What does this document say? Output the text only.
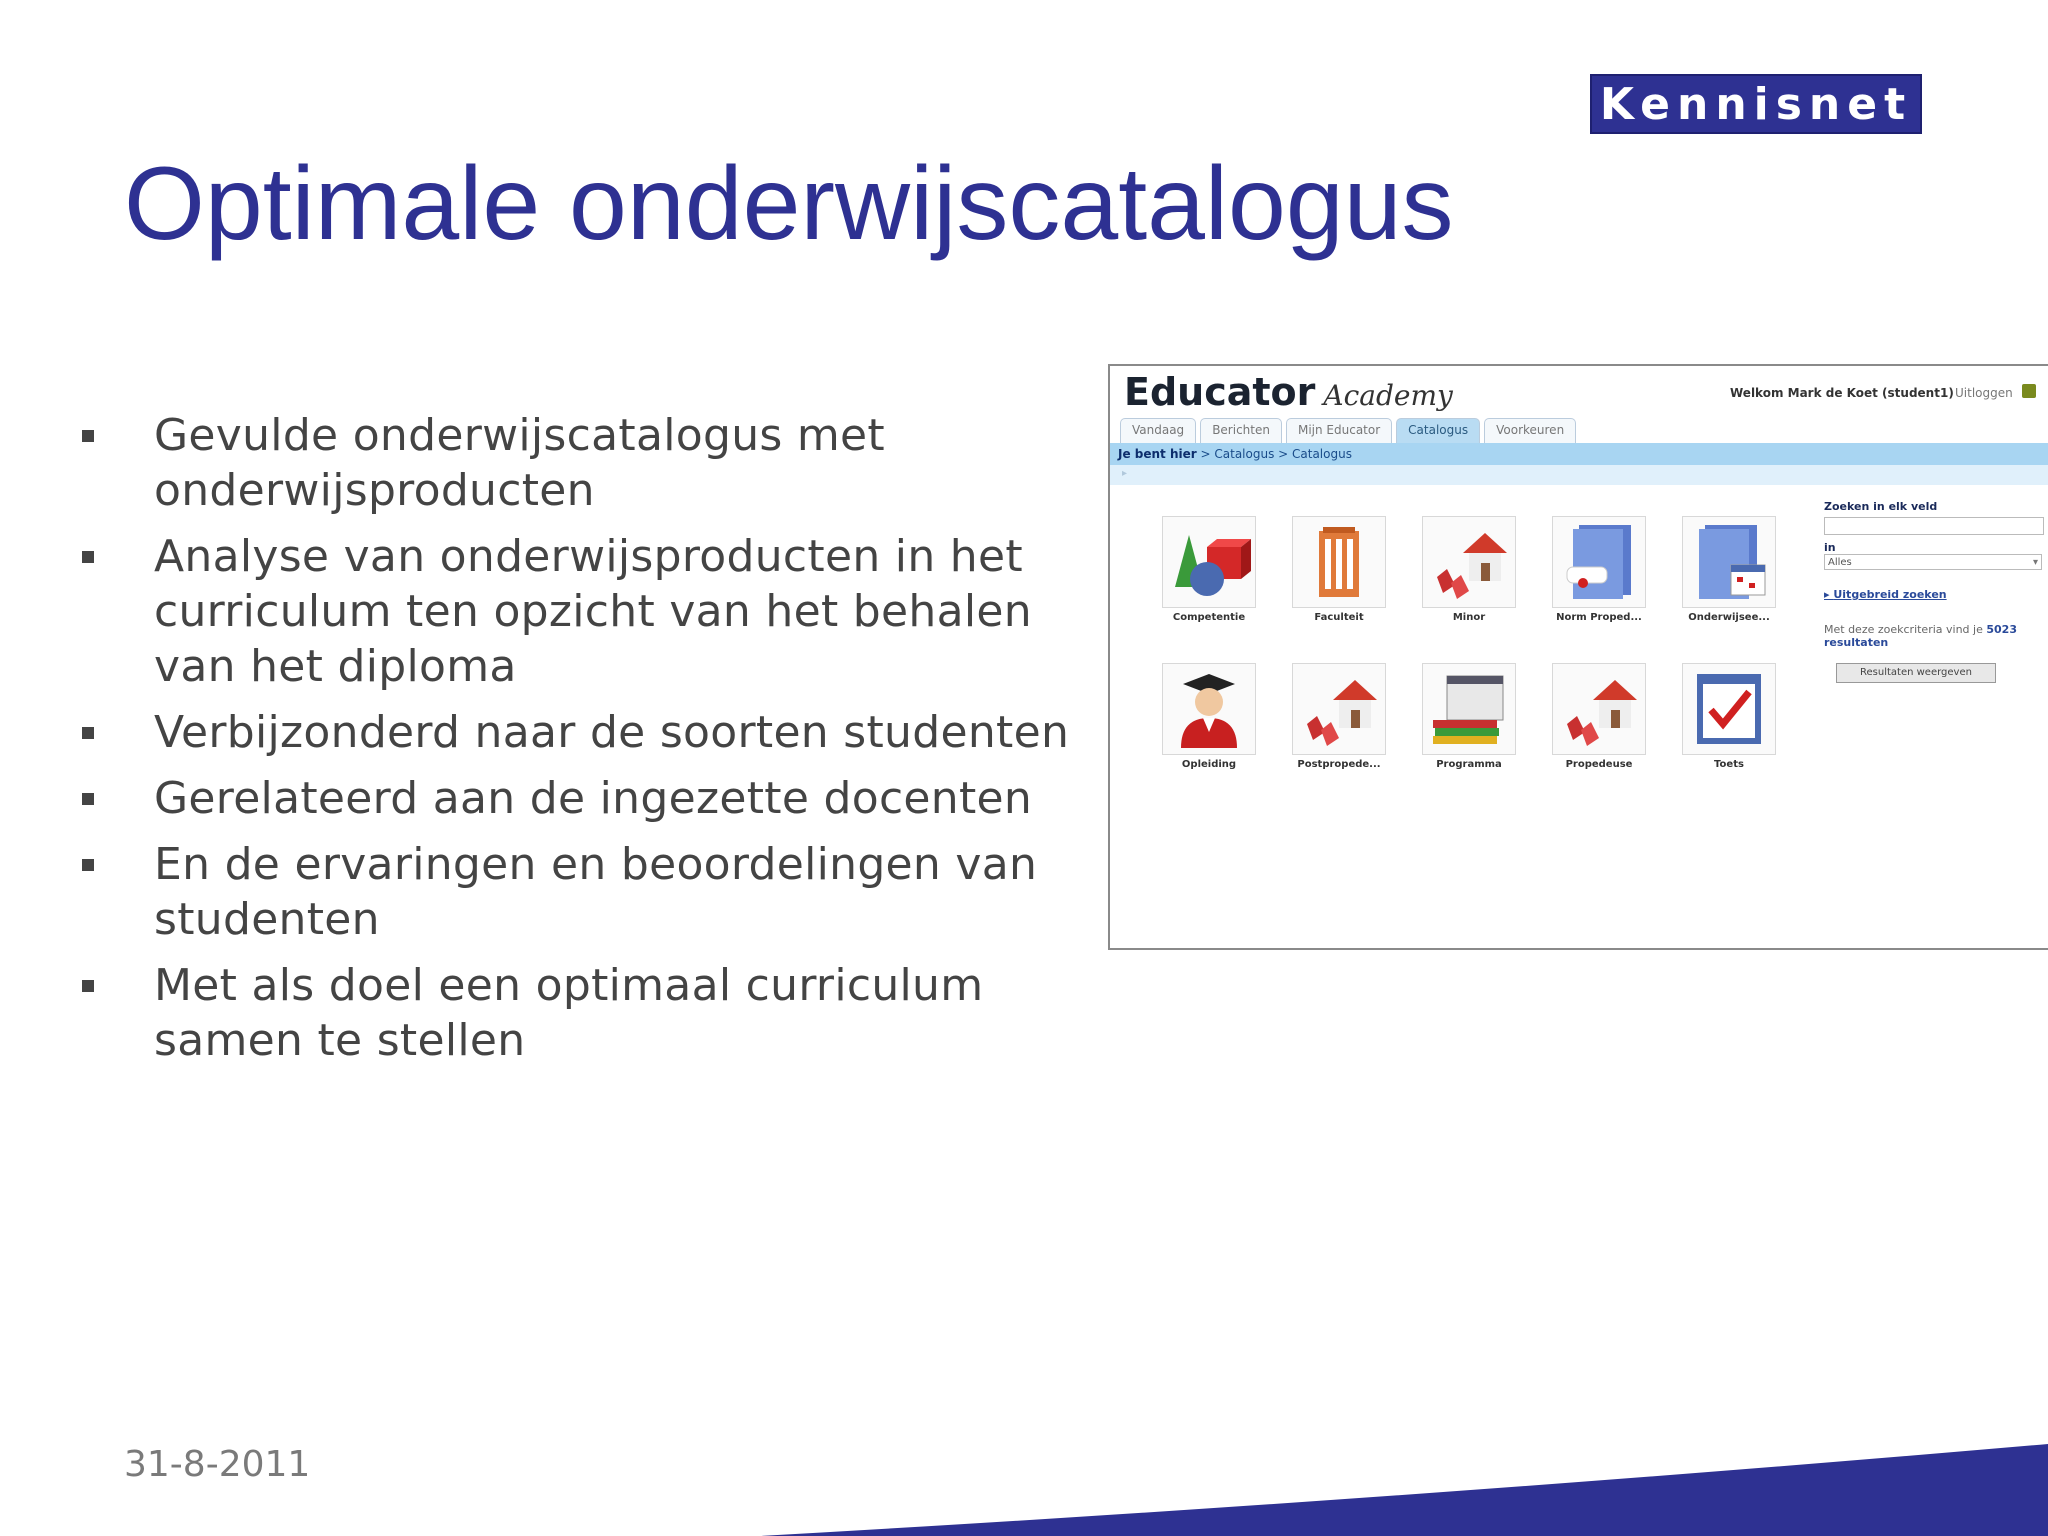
Kennisnet
Optimale onderwijscatalogus
Gevulde onderwijscatalogus met onderwijsproducten
Analyse van onderwijsproducten in het curriculum ten opzicht van het behalen van het diploma
Verbijzonderd naar de soorten studenten
Gerelateerd aan de ingezette docenten
En de ervaringen en beoordelingen van studenten
Met als doel een optimaal curriculum samen te stellen
31-8-2011
Educator Academy	Welkom Mark de Koet (student1) Uitloggen
Vandaag	Berichten	Mijn Educator	Catalogus	Voorkeuren
Je bent hier > Catalogus > Catalogus
▸
Competentie	Faculteit	Minor	Norm Proped...	Onderwijsee...
Opleiding	Postpropede...	Programma	Propedeuse	Toets
Zoeken in elk veld
in
Alles ▾
▸ Uitgebreid zoeken
Met deze zoekcriteria vind je 5023 resultaten
Resultaten weergeven
